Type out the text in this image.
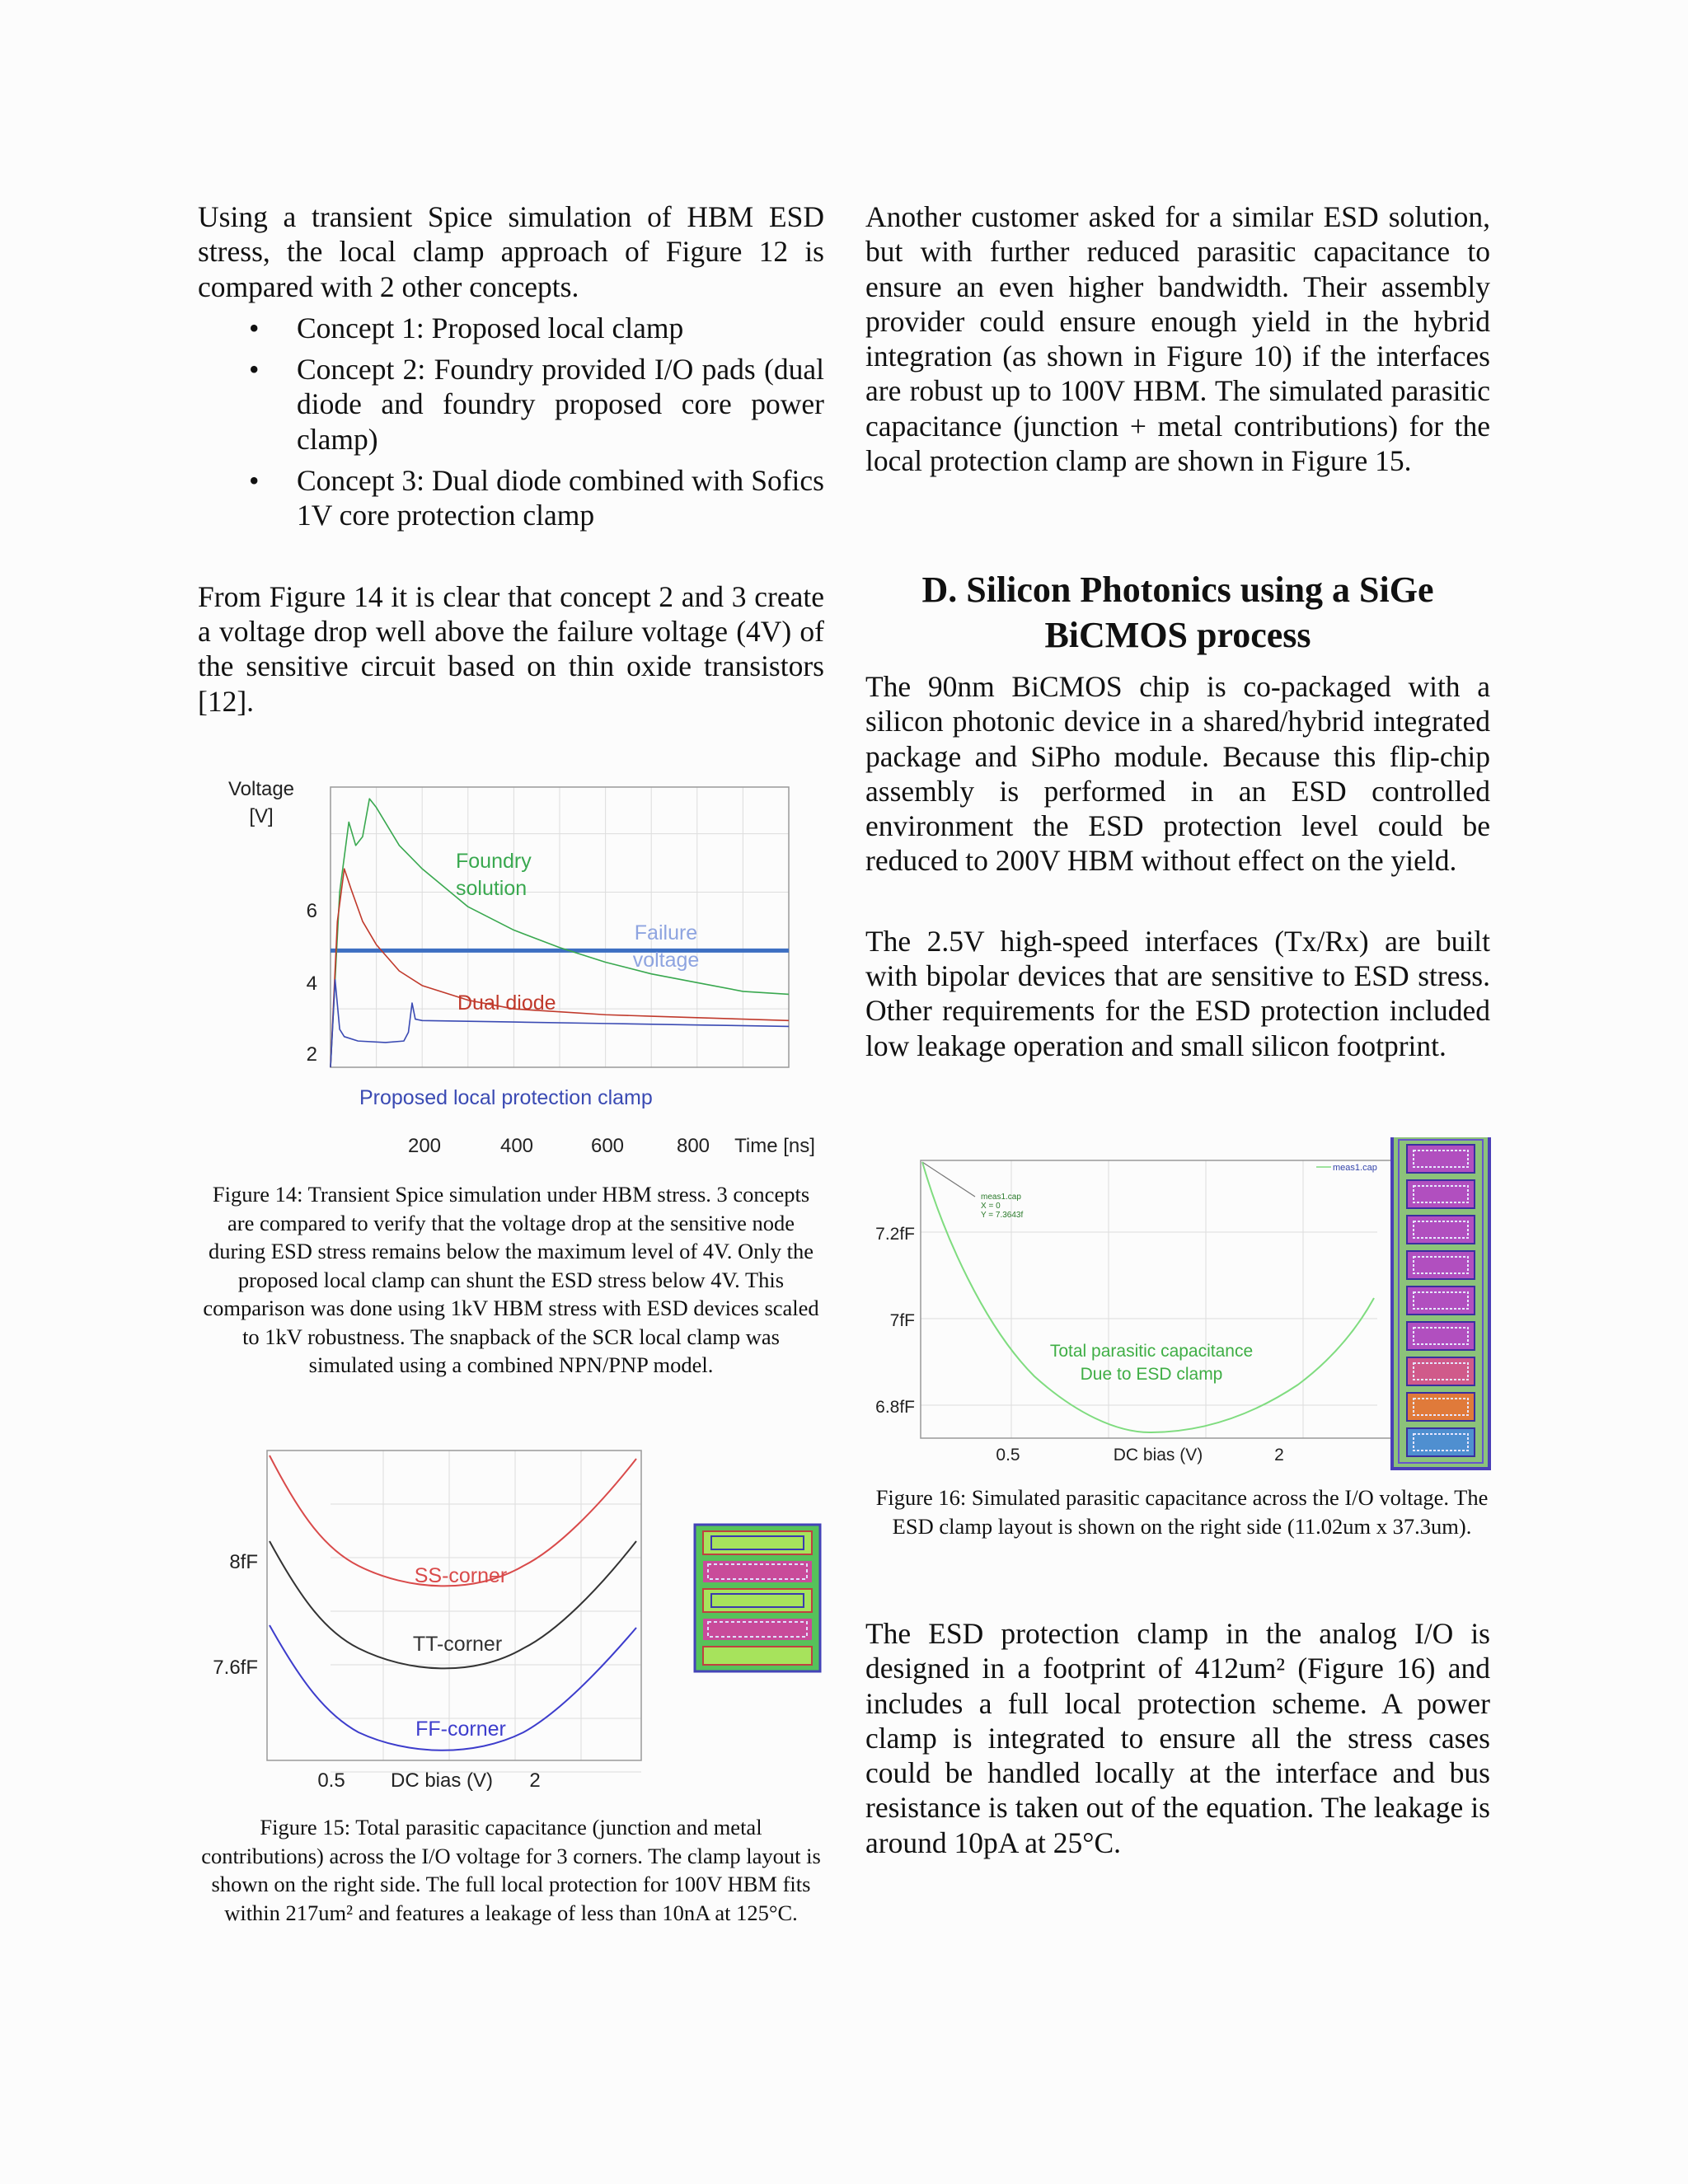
Using a transient Spice simulation of HBM ESD stress, the local clamp approach of Figure 12 is compared with 2 other concepts.

• Concept 1: Proposed local clamp
• Concept 2: Foundry provided I/O pads (dual diode and foundry proposed core power clamp)
• Concept 3: Dual diode combined with Sofics 1V core protection clamp

From Figure 14 it is clear that concept 2 and 3 create a voltage drop well above the failure voltage (4V) of the sensitive circuit based on thin oxide transistors [12].

Voltage
[V]
6
4
2
200	400	600	800 Time [ns]
Foundry
solution
Failure
voltage
Dual diode
Proposed local protection clamp

Figure 14: Transient Spice simulation under HBM stress. 3 concepts are compared to verify that the voltage drop at the sensitive node during ESD stress remains below the maximum level of 4V. Only the proposed local clamp can shunt the ESD stress below 4V. This comparison was done using 1kV HBM stress with ESD devices scaled to 1kV robustness. The snapback of the SCR local clamp was simulated using a combined NPN/PNP model.

8fF
7.6fF
0.5 DC bias (V) 2
SS-corner
TT-corner
FF-corner

Figure 15: Total parasitic capacitance (junction and metal contributions) across the I/O voltage for 3 corners. The clamp layout is shown on the right side. The full local protection for 100V HBM fits within 217um² and features a leakage of less than 10nA at 125°C.

Another customer asked for a similar ESD solution, but with further reduced parasitic capacitance to ensure an even higher bandwidth. Their assembly provider could ensure enough yield in the hybrid integration (as shown in Figure 10) if the interfaces are robust up to 100V HBM. The simulated parasitic capacitance (junction + metal contributions) for the local protection clamp are shown in Figure 15.

D. Silicon Photonics using a SiGe
BiCMOS process

The 90nm BiCMOS chip is co-packaged with a silicon photonic device in a shared/hybrid integrated package and SiPho module. Because this flip-chip assembly is performed in an ESD controlled environment the ESD protection level could be reduced to 200V HBM without effect on the yield.

The 2.5V high-speed interfaces (Tx/Rx) are built with bipolar devices that are sensitive to ESD stress. Other requirements for the ESD protection included low leakage operation and small silicon footprint.

meas1.cap
X = 0
Y = 7.3643f
meas1.cap
7.2fF
7fF
6.8fF
0.5	DC bias (V)	2
Total parasitic capacitance
Due to ESD clamp

Figure 16: Simulated parasitic capacitance across the I/O voltage. The ESD clamp layout is shown on the right side (11.02um x 37.3um).

The ESD protection clamp in the analog I/O is designed in a footprint of 412um² (Figure 16) and includes a full local protection scheme. A power clamp is integrated to ensure all the stress cases could be handled locally at the interface and bus resistance is taken out of the equation. The leakage is around 10pA at 25°C.
